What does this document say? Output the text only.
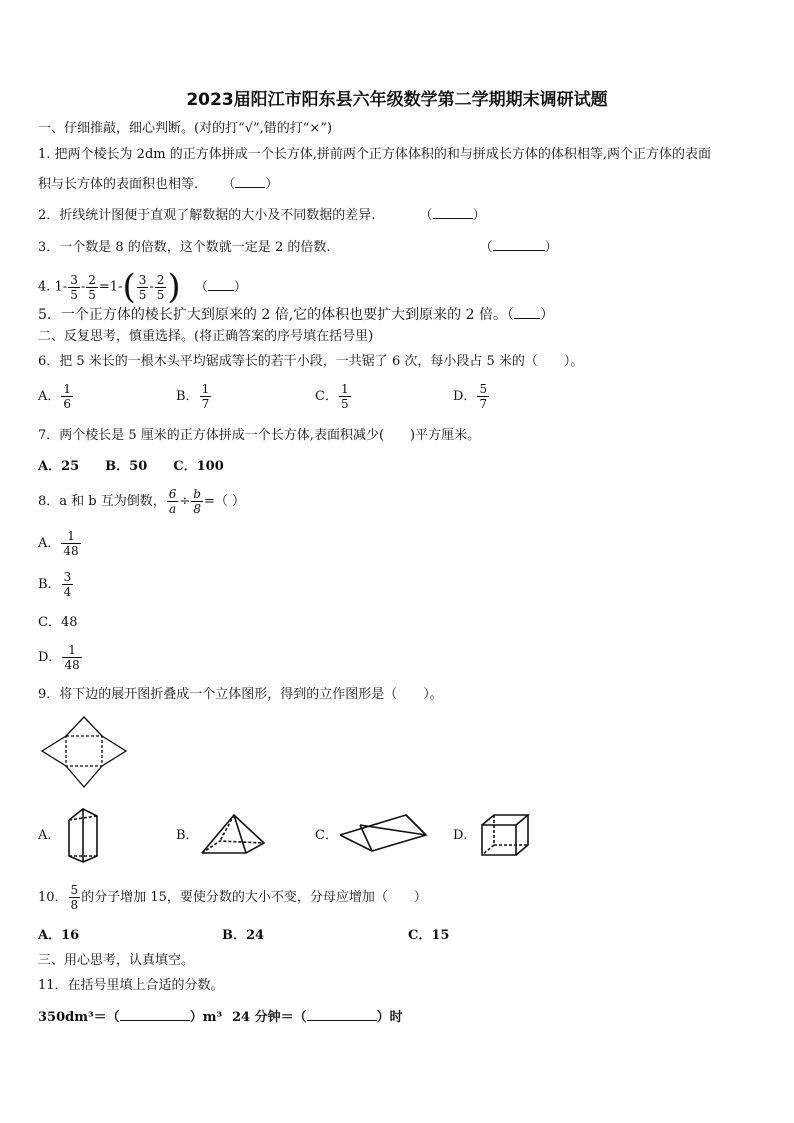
2023届阳江市阳东县六年级数学第二学期期末调研试题
一、仔细推敲，细心判断。(对的打“√”,错的打“×”)
1. 把两个棱长为 2dm 的正方体拼成一个长方体,拼前两个正方体体积的和与拼成长方体的体积相等,两个正方体的表面
积与长方体的表面积也相等. （ ）
2．折线统计图便于直观了解数据的大小及不同数据的差异.	（	）
3．一个数是 8 的倍数，这个数就一定是 2 的倍数.	（	）
4. $1- \frac{3}{5} - \frac{2}{5} =1-( \frac{3}{5} - \frac{2}{5}$ ) （ ）
5．一个正方体的棱长扩大到原来的 2 倍,它的体积也要扩大到原来的 2 倍。（ ）
二、反复思考，慎重选择。(将正确答案的序号填在括号里)
6．把 5 米长的一根木头平均锯成等长的若干小段，一共锯了 6 次，每小段占 5 米的（　　）。
A． $\frac{1}{6}$	B． $\frac{1}{7}$	C． $\frac{1}{5}$	D． $\frac{5}{7}$
7．两个棱长是 5 厘米的正方体拼成一个长方体,表面积减少(　　)平方厘米。
A．25　　B．50　　C．100
8．a 和 b 互为倒数， $\frac{6}{a} \div \frac{b}{8}$ =（ ）
A． $\frac{1}{48}$
B． $\frac{3}{4}$
C．48
D． $\frac{1}{48}$
9．将下边的展开图折叠成一个立体图形，得到的立作图形是（　　）。
A．	B．	C．	D．
10． $\frac{5}{8}$ 的分子增加 15，要使分数的大小不变，分母应增加（　　）
A．16	B．24	C．15
三、用心思考，认真填空。
11．在括号里填上合适的分数。
350dm³＝（	）m³ 24 分钟＝（	）时
